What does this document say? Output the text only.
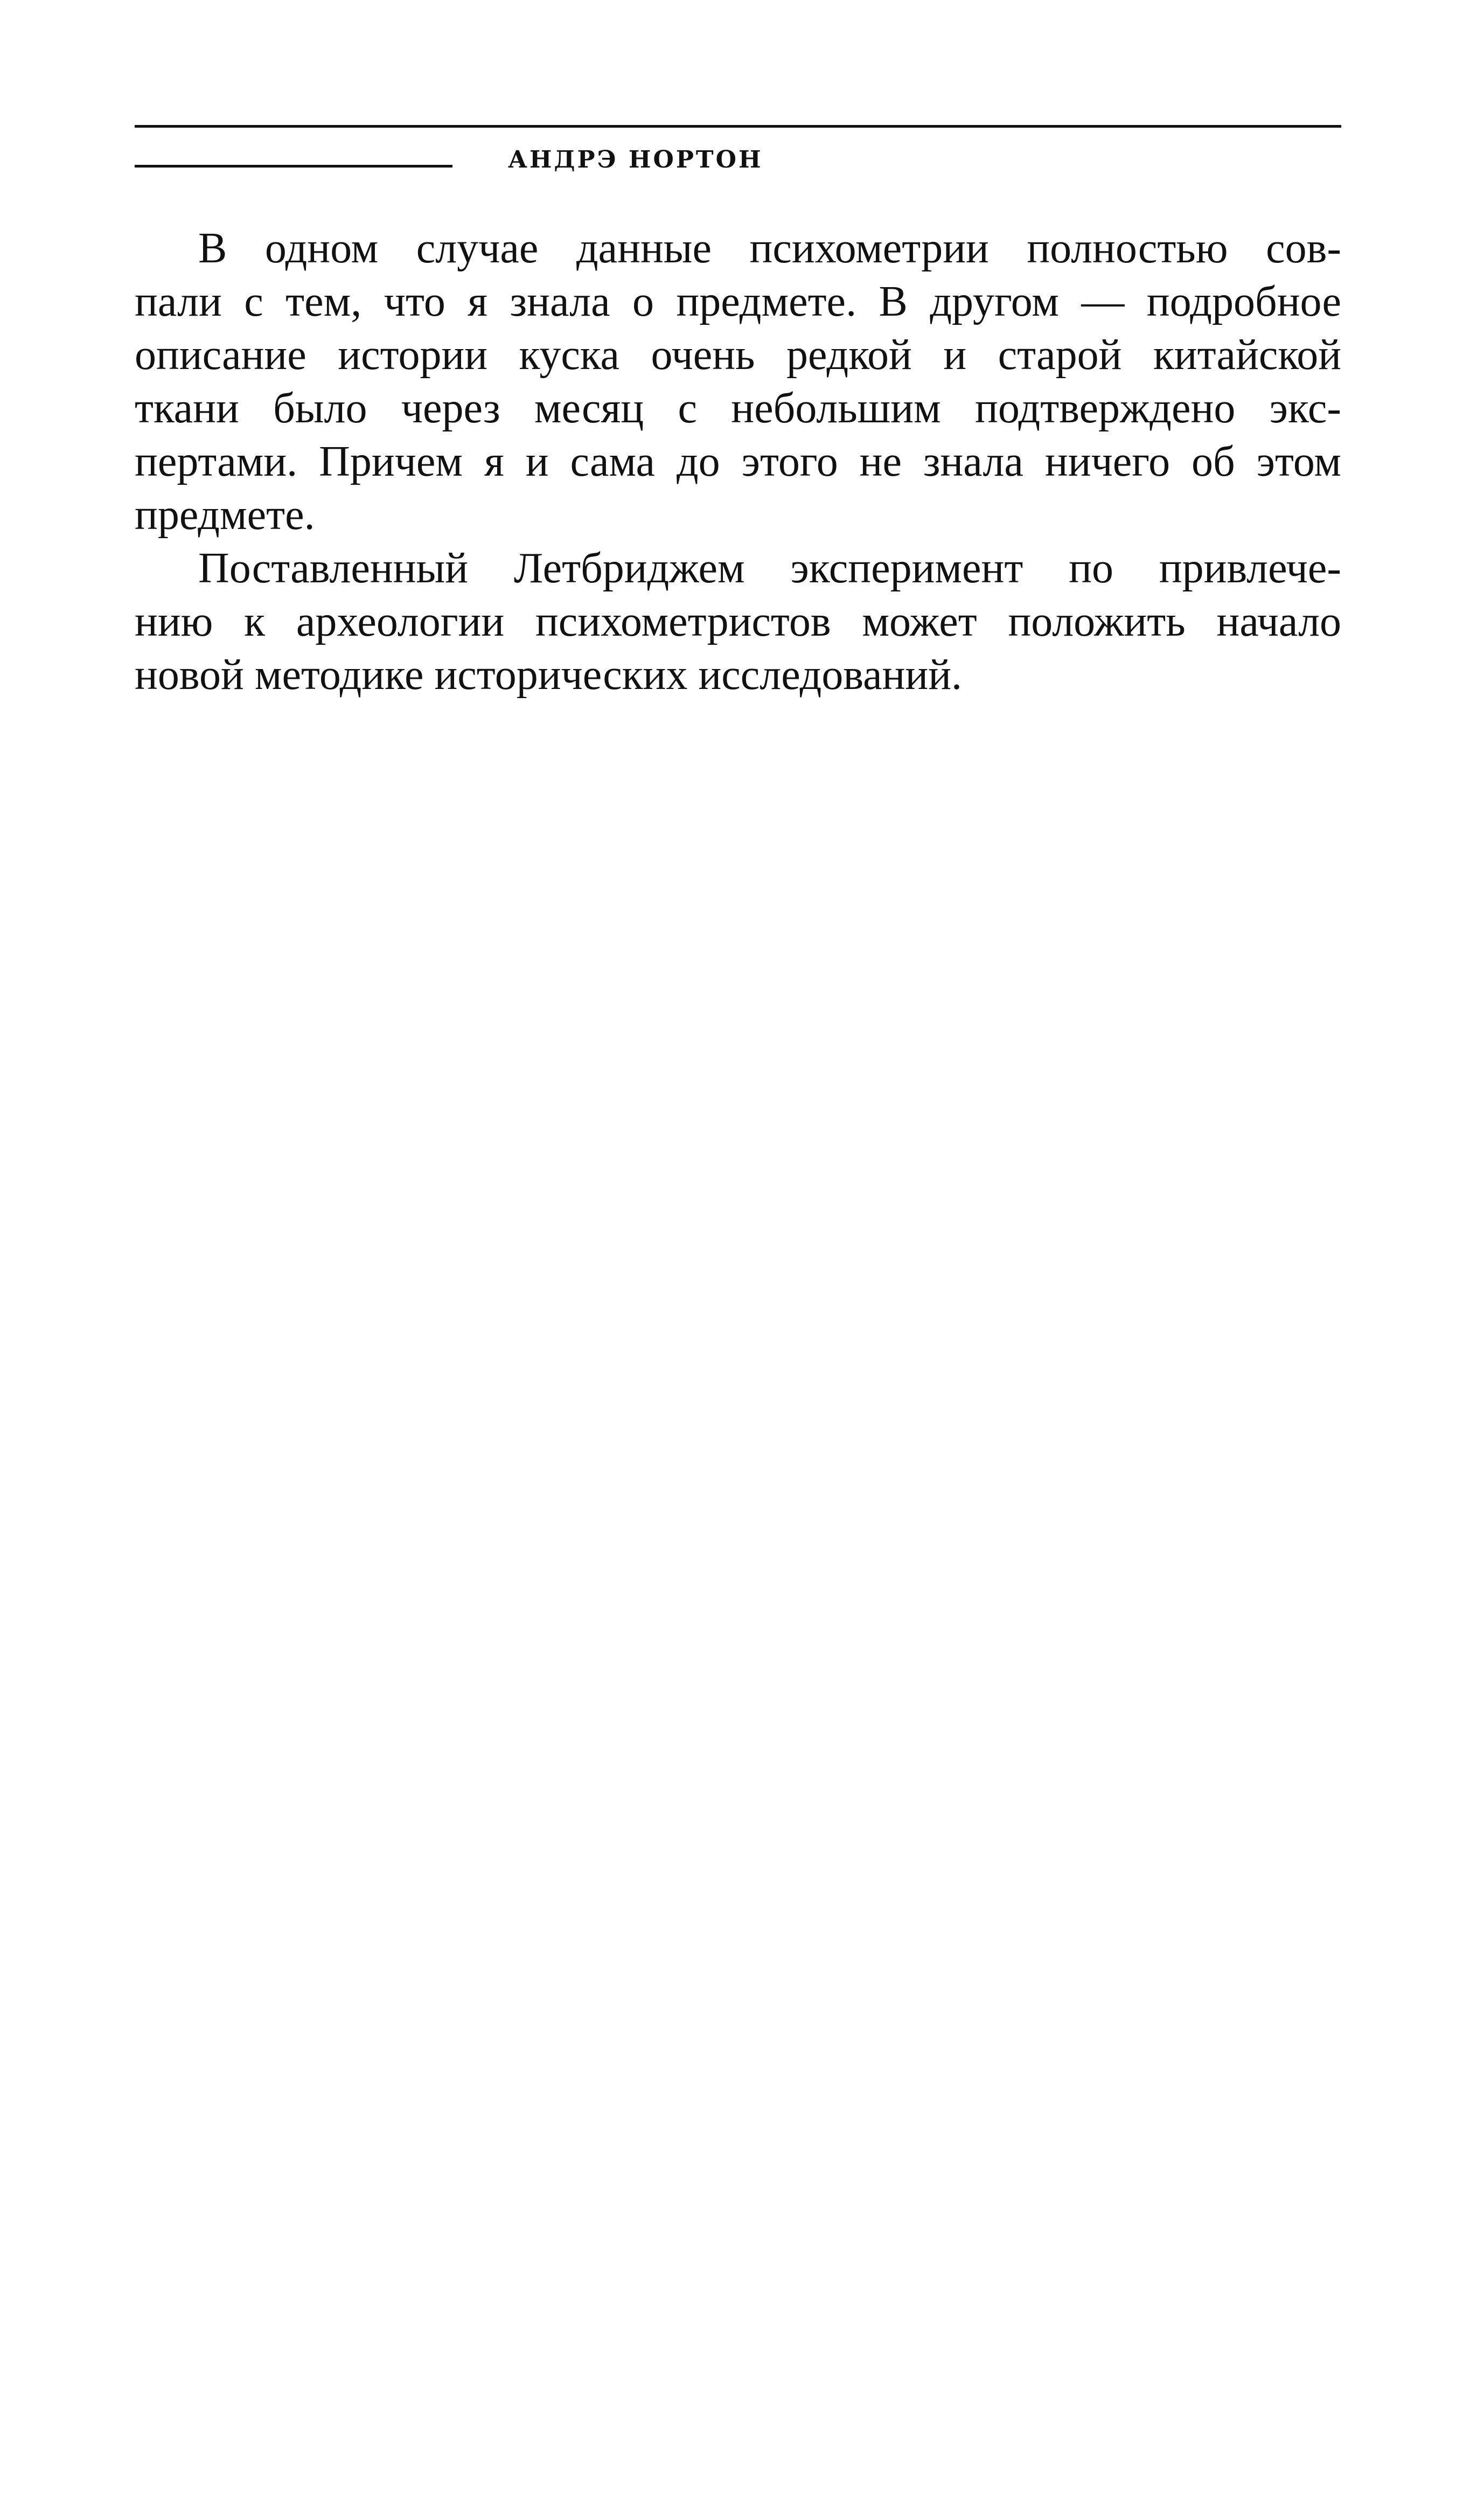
АНДРЭ НОРТОН
В одном случае данные психометрии полностью сов-
пали с тем, что я знала о предмете. В другом — подробное
описание истории куска очень редкой и старой китайской
ткани было через месяц с небольшим подтверждено экс-
пертами. Причем я и сама до этого не знала ничего об этом
предмете.
Поставленный Летбриджем эксперимент по привлече-
нию к археологии психометристов может положить начало
новой методике исторических исследований.
